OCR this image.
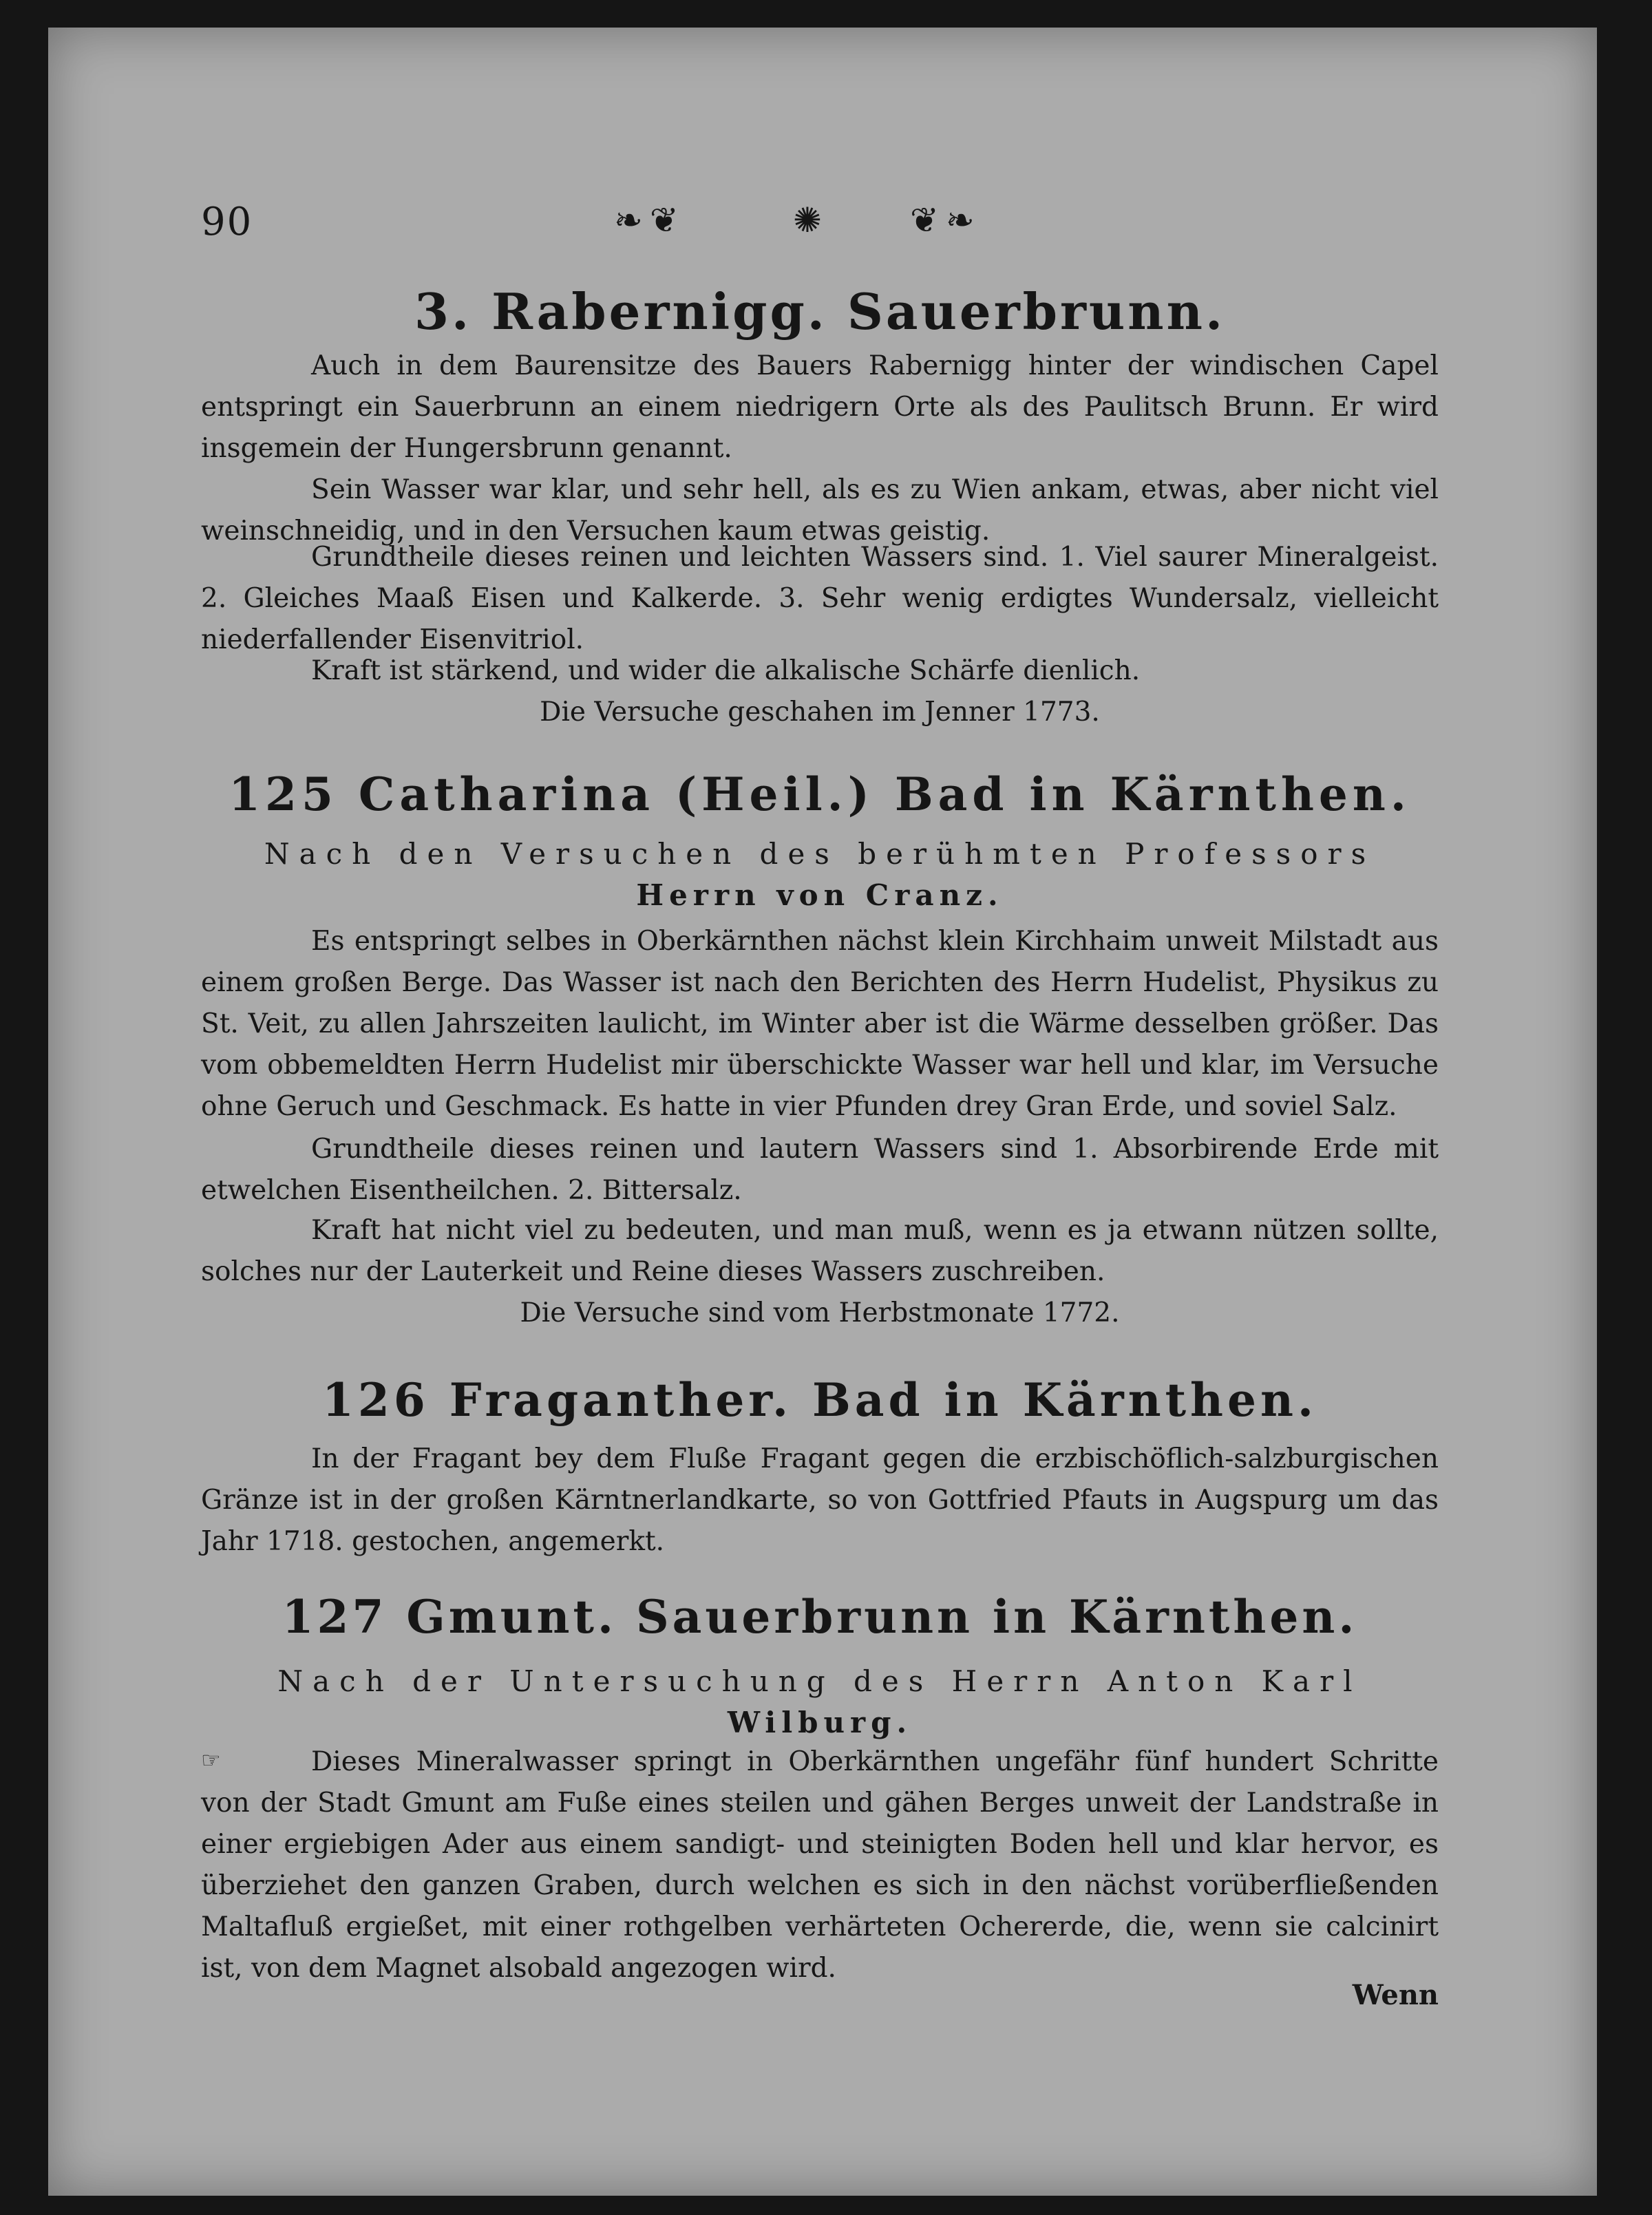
90	❧❦	✺ ❦❧
3. Rabernigg. Sauerbrunn.

Auch in dem Baurensitze des Bauers Rabernigg hinter der windischen Capel entspringt ein Sauerbrunn an einem niedrigern Orte als des Paulitsch Brunn. Er wird insgemein der Hungersbrunn genannt.

Sein Wasser war klar, und sehr hell, als es zu Wien ankam, etwas, aber nicht viel weinschneidig, und in den Versuchen kaum etwas geistig.

Grundtheile dieses reinen und leichten Wassers sind. 1. Viel saurer Mineralgeist. 2. Gleiches Maaß Eisen und Kalkerde. 3. Sehr wenig erdigtes Wundersalz, vielleicht niederfallender Eisenvitriol.

Kraft ist stärkend, und wider die alkalische Schärfe dienlich.

Die Versuche geschahen im Jenner 1773.

125 Catharina (Heil.) Bad in Kärnthen.

Nach den Versuchen des berühmten Professors

Herrn von Cranz.

Es entspringt selbes in Oberkärnthen nächst klein Kirchhaim unweit Milstadt aus einem großen Berge. Das Wasser ist nach den Berichten des Herrn Hudelist, Physikus zu St. Veit, zu allen Jahrszeiten laulicht, im Winter aber ist die Wärme desselben größer. Das vom obbemeldten Herrn Hudelist mir überschickte Wasser war hell und klar, im Versuche ohne Geruch und Geschmack. Es hatte in vier Pfunden drey Gran Erde, und soviel Salz.

Grundtheile dieses reinen und lautern Wassers sind 1. Absorbirende Erde mit etwelchen Eisentheilchen. 2. Bittersalz.

Kraft hat nicht viel zu bedeuten, und man muß, wenn es ja etwann nützen sollte, solches nur der Lauterkeit und Reine dieses Wassers zuschreiben.

Die Versuche sind vom Herbstmonate 1772.

126 Fraganther. Bad in Kärnthen.

In der Fragant bey dem Fluße Fragant gegen die erzbischöflich-salzburgischen Gränze ist in der großen Kärntnerlandkarte, so von Gottfried Pfauts in Augspurg um das Jahr 1718. gestochen, angemerkt.

127 Gmunt. Sauerbrunn in Kärnthen.

Nach der Untersuchung des Herrn Anton Karl

Wilburg.

☞	Dieses Mineralwasser springt in Oberkärnthen ungefähr fünf hundert Schritte von der Stadt Gmunt am Fuße eines steilen und gähen Berges unweit der Landstraße in einer ergiebigen Ader aus einem sandigt- und steinigten Boden hell und klar hervor, es überziehet den ganzen Graben, durch welchen es sich in den nächst vorüberfließenden Maltafluß ergießet, mit einer rothgelben verhärteten Ochererde, die, wenn sie calcinirt ist, von dem Magnet alsobald angezogen wird.

Wenn
